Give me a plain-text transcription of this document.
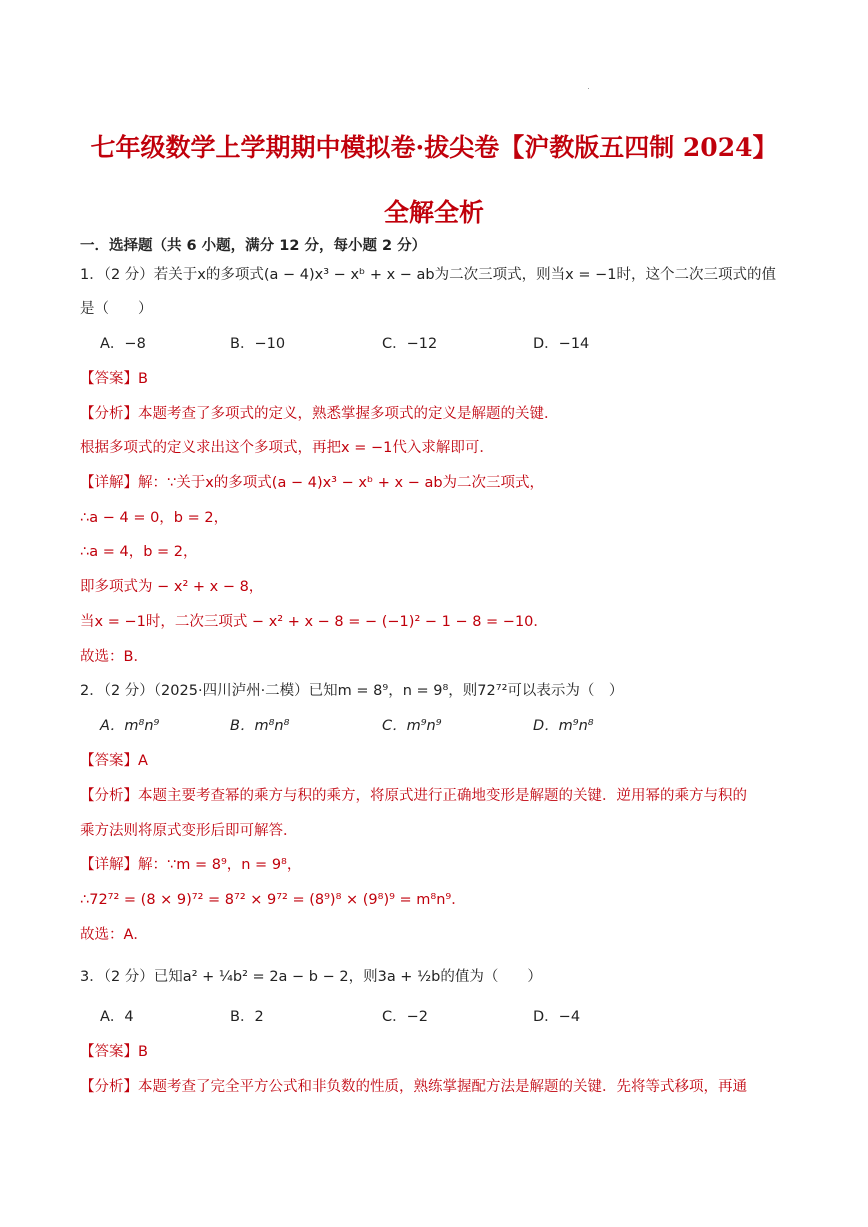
七年级数学上学期期中模拟卷·拔尖卷【沪教版五四制 2024】
全解全析
一．选择题（共 6 小题，满分 12 分，每小题 2 分）
1．（2 分）若关于x的多项式(a − 4)x³ − xᵇ + x − ab为二次三项式，则当x = −1时，这个二次三项式的值
是（　　）
A．−8	B．−10	C．−12	D．−14
【答案】B
【分析】本题考查了多项式的定义，熟悉掌握多项式的定义是解题的关键．
根据多项式的定义求出这个多项式，再把x = −1代入求解即可．
【详解】解：∵关于x的多项式(a − 4)x³ − xᵇ + x − ab为二次三项式，
∴a − 4 = 0，b = 2，
∴a = 4，b = 2，
即多项式为 − x² + x − 8，
当x = −1时，二次三项式 − x² + x − 8 = − (−1)² − 1 − 8 = −10．
故选：B．
2．（2 分）（2025·四川泸州·二模）已知m = 8⁹，n = 9⁸，则72⁷²可以表示为（　）
A．m⁸n⁹	B．m⁸n⁸	C．m⁹n⁹	D．m⁹n⁸
【答案】A
【分析】本题主要考查幂的乘方与积的乘方，将原式进行正确地变形是解题的关键．逆用幂的乘方与积的
乘方法则将原式变形后即可解答．
【详解】解：∵m = 8⁹，n = 9⁸，
∴72⁷² = (8 × 9)⁷² = 8⁷² × 9⁷² = (8⁹)⁸ × (9⁸)⁹ = m⁸n⁹．
故选：A．
3．（2 分）已知a² + ¼b² = 2a − b − 2，则3a + ½b的值为（　　）
A．4	B．2	C．−2	D．−4
【答案】B
【分析】本题考查了完全平方公式和非负数的性质，熟练掌握配方法是解题的关键．先将等式移项，再通
